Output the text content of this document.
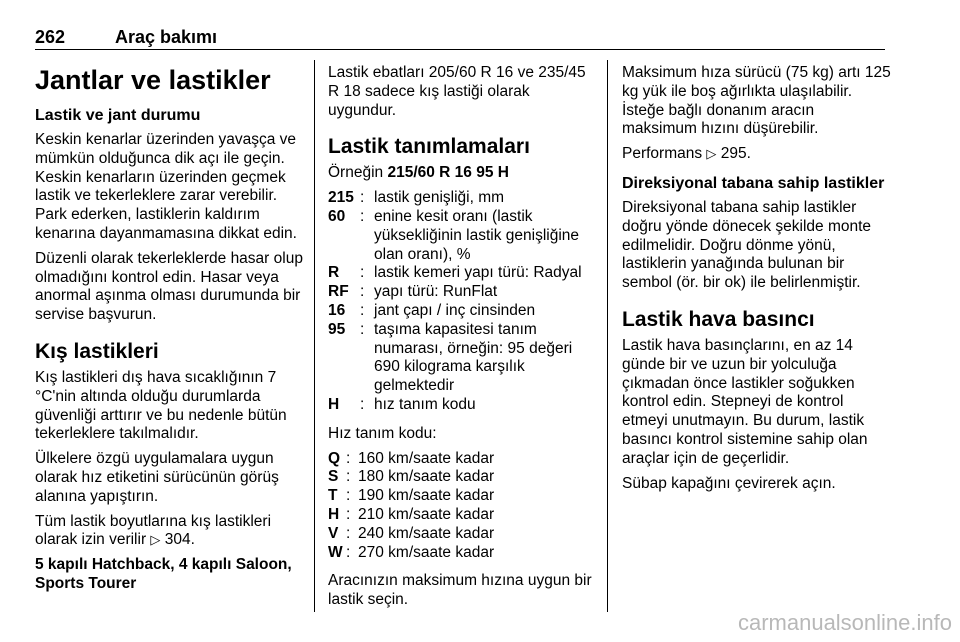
262	Araç bakımı
Jantlar ve lastikler
Lastik ve jant durumu

Keskin kenarlar üzerinden yavaşça ve mümkün olduğunca dik açı ile geçin. Keskin kenarların üzerinden geçmek lastik ve tekerleklere zarar verebilir. Park ederken, lastiklerin kaldırım kenarına dayanmamasına dikkat edin.

Düzenli olarak tekerleklerde hasar olup olmadığını kontrol edin. Hasar veya anormal aşınma olması durumunda bir servise başvurun.

Kış lastikleri

Kış lastikleri dış hava sıcaklığının 7 °C'nin altında olduğu durumlarda güvenliği arttırır ve bu nedenle bütün tekerleklere takılmalıdır.

Ülkelere özgü uygulamalara uygun olarak hız etiketini sürücünün görüş alanına yapıştırın.

Tüm lastik boyutlarına kış lastikleri olarak izin verilir ▷ 304.

5 kapılı Hatchback, 4 kapılı Saloon, Sports Tourer

Lastik ebatları 205/60 R 16 ve 235/45 R 18 sadece kış lastiği olarak uygundur.

Lastik tanımlamaları

Örneğin 215/60 R 16 95 H

215 : lastik genişliği, mm
60 : enine kesit oranı (lastik yüksekliğinin lastik genişliğine olan oranı), %
R	: lastik kemeri yapı türü: Radyal
RF : yapı türü: RunFlat
16 : jant çapı / inç cinsinden
95 : taşıma kapasitesi tanım numarası, örneğin: 95 değeri 690 kilograma karşılık gelmektedir
H	: hız tanım kodu

Hız tanım kodu:

Q : 160 km/saate kadar
S : 180 km/saate kadar
T : 190 km/saate kadar
H : 210 km/saate kadar
V : 240 km/saate kadar
W : 270 km/saate kadar

Aracınızın maksimum hızına uygun bir lastik seçin.

Maksimum hıza sürücü (75 kg) artı 125 kg yük ile boş ağırlıkta ulaşılabilir. İsteğe bağlı donanım aracın maksimum hızını düşürebilir.

Performans ▷ 295.

Direksiyonal tabana sahip lastikler

Direksiyonal tabana sahip lastikler doğru yönde dönecek şekilde monte edilmelidir. Doğru dönme yönü, lastiklerin yanağında bulunan bir sembol (ör. bir ok) ile belirlenmiştir.

Lastik hava basıncı

Lastik hava basınçlarını, en az 14 günde bir ve uzun bir yolculuğa çıkmadan önce lastikler soğukken kontrol edin. Stepneyi de kontrol etmeyi unutmayın. Bu durum, lastik basıncı kontrol sistemine sahip olan araçlar için de geçerlidir.

Sübap kapağını çevirerek açın.

carmanualsonline.info
